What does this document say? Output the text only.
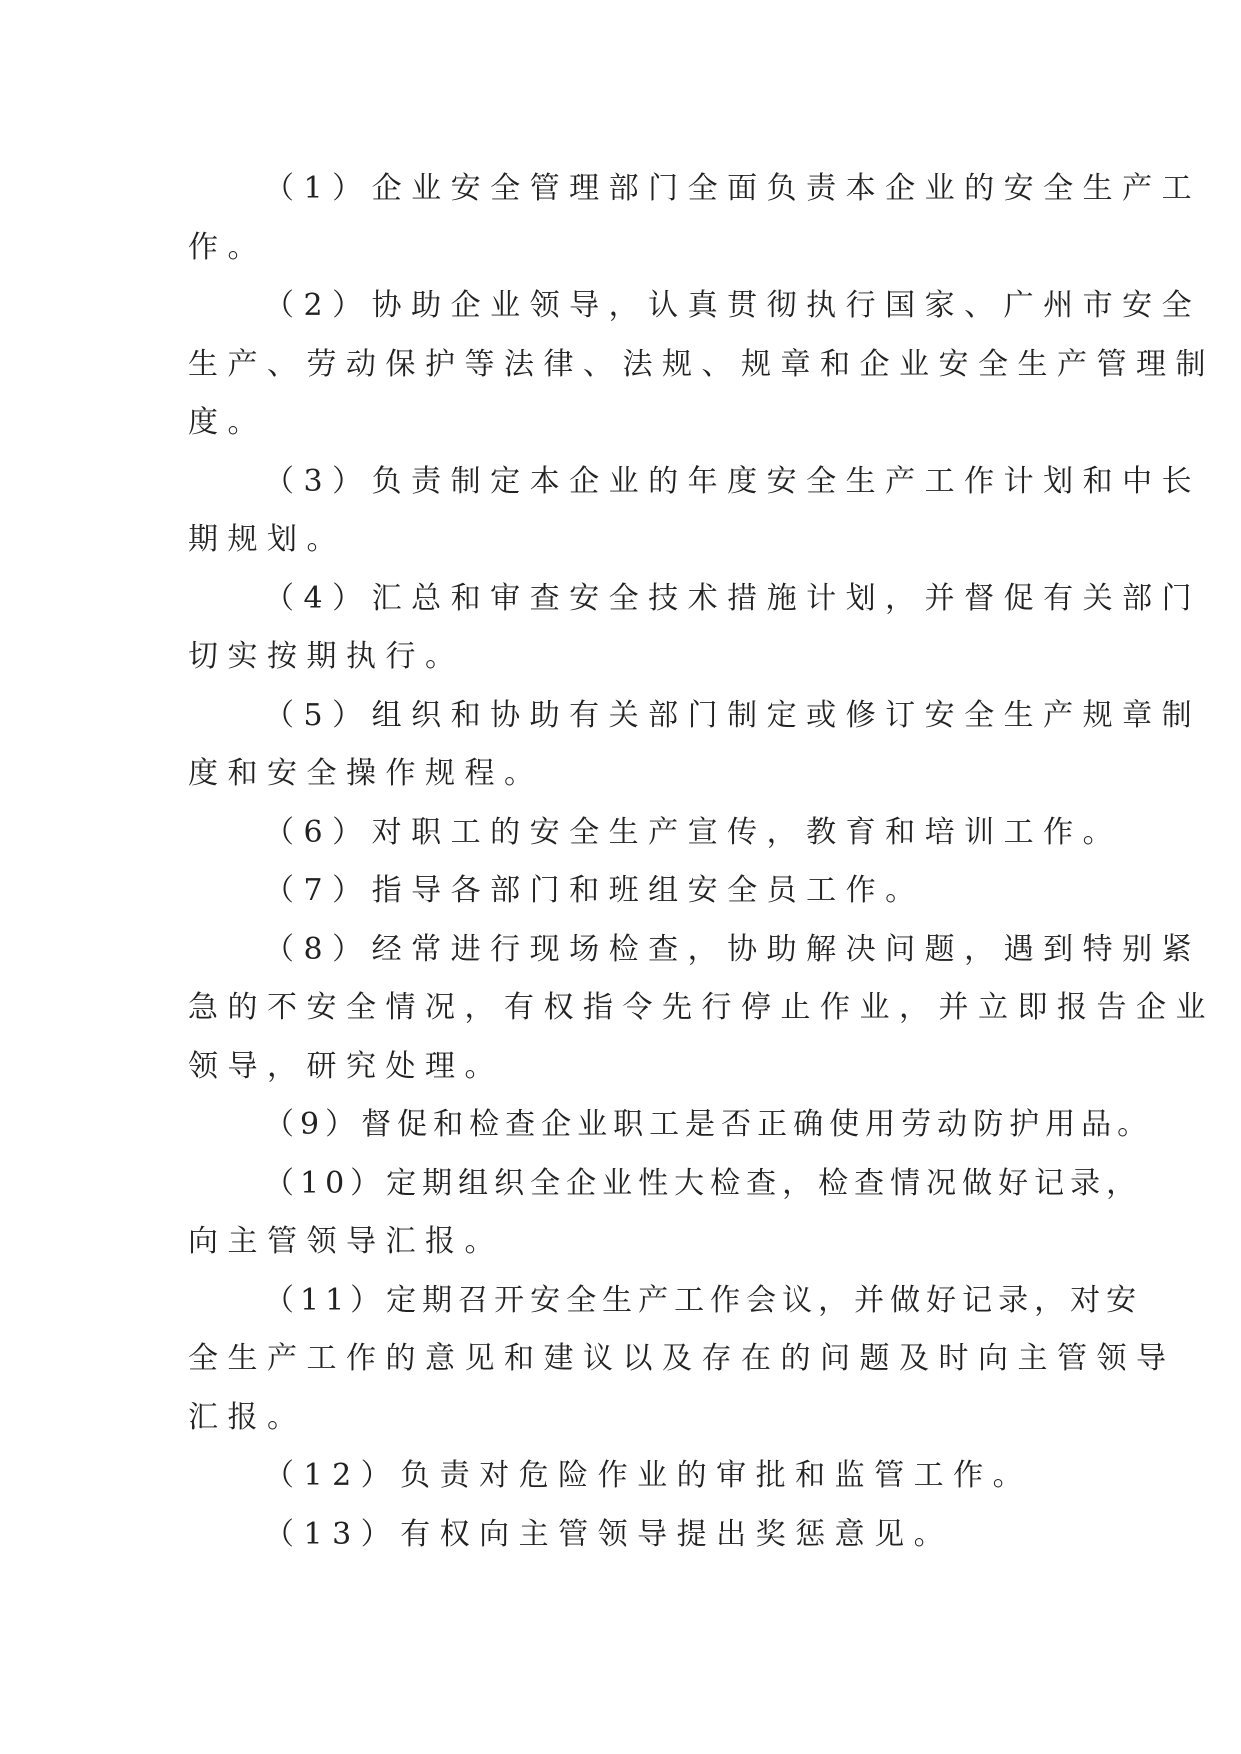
（1）企业安全管理部门全面负责本企业的安全生产工
作。
（2）协助企业领导，认真贯彻执行国家、广州市安全
生产、劳动保护等法律、法规、规章和企业安全生产管理制
度。
（3）负责制定本企业的年度安全生产工作计划和中长
期规划。
（4）汇总和审查安全技术措施计划，并督促有关部门
切实按期执行。
（5）组织和协助有关部门制定或修订安全生产规章制
度和安全操作规程。
（6）对职工的安全生产宣传，教育和培训工作。
（7）指导各部门和班组安全员工作。
（8）经常进行现场检查，协助解决问题，遇到特别紧
急的不安全情况，有权指令先行停止作业，并立即报告企业
领导，研究处理。
（9）督促和检查企业职工是否正确使用劳动防护用品。
（10）定期组织全企业性大检查，检查情况做好记录，
向主管领导汇报。
（11）定期召开安全生产工作会议，并做好记录，对安
全生产工作的意见和建议以及存在的问题及时向主管领导
汇报。
（12）负责对危险作业的审批和监管工作。
（13）有权向主管领导提出奖惩意见。
